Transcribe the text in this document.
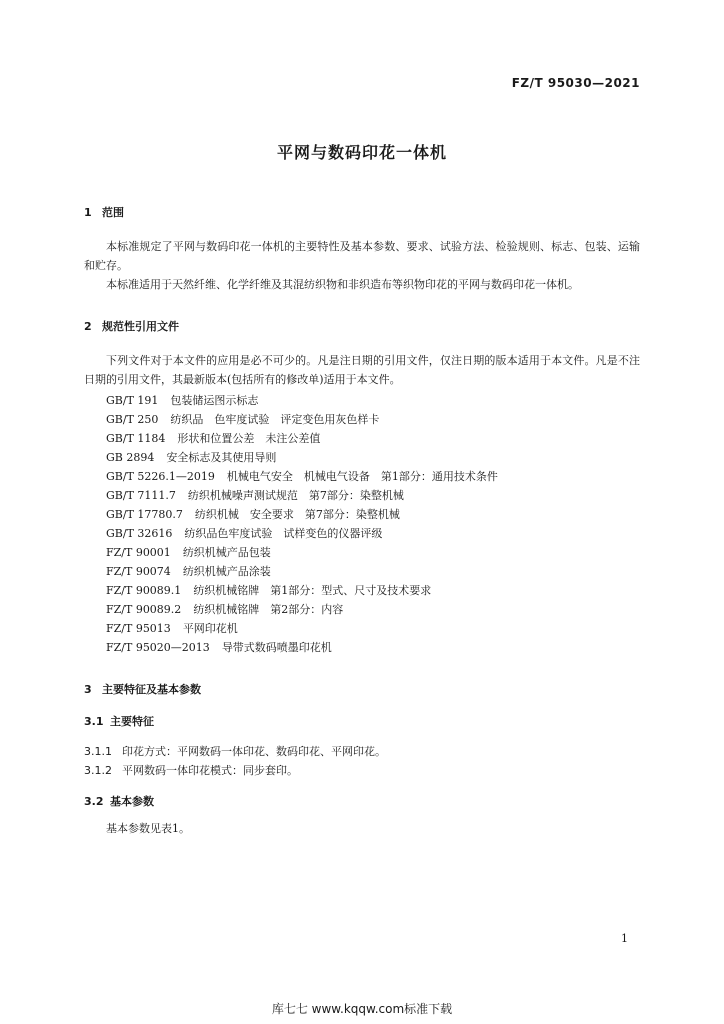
FZ/T 95030—2021
平网与数码印花一体机
1 范围
本标准规定了平网与数码印花一体机的主要特性及基本参数、要求、试验方法、检验规则、标志、包装、运输和贮存。
本标准适用于天然纤维、化学纤维及其混纺织物和非织造布等织物印花的平网与数码印花一体机。
2 规范性引用文件
下列文件对于本文件的应用是必不可少的。凡是注日期的引用文件，仅注日期的版本适用于本文件。凡是不注日期的引用文件，其最新版本(包括所有的修改单)适用于本文件。
GB/T 191 包装储运图示标志
GB/T 250 纺织品　色牢度试验　评定变色用灰色样卡
GB/T 1184 形状和位置公差　未注公差值
GB 2894 安全标志及其使用导则
GB/T 5226.1—2019 机械电气安全　机械电气设备　第1部分：通用技术条件
GB/T 7111.7 纺织机械噪声测试规范　第7部分：染整机械
GB/T 17780.7 纺织机械　安全要求　第7部分：染整机械
GB/T 32616 纺织品色牢度试验　试样变色的仪器评级
FZ/T 90001 纺织机械产品包装
FZ/T 90074 纺织机械产品涂装
FZ/T 90089.1 纺织机械铭牌　第1部分：型式、尺寸及技术要求
FZ/T 90089.2 纺织机械铭牌　第2部分：内容
FZ/T 95013 平网印花机
FZ/T 95020—2013 导带式数码喷墨印花机
3 主要特征及基本参数
3.1 主要特征
3.1.1 印花方式：平网数码一体印花、数码印花、平网印花。
3.1.2 平网数码一体印花模式：同步套印。
3.2 基本参数
基本参数见表1。
1
库七七 www.kqqw.com标准下载
